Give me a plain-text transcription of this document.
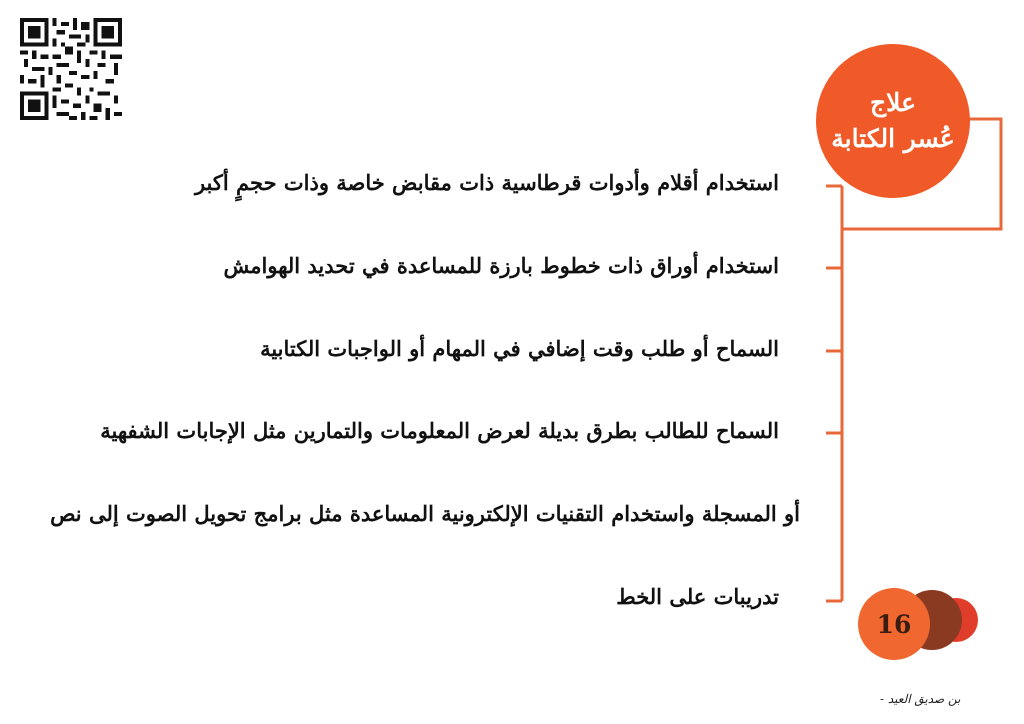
علاج
عُسر الكتابة
استخدام أقلام وأدوات قرطاسية ذات مقابض خاصة وذات حجمٍ أكبر
استخدام أوراق ذات خطوط بارزة للمساعدة في تحديد الهوامش
السماح أو طلب وقت إضافي في المهام أو الواجبات الكتابية
السماح للطالب بطرق بديلة لعرض المعلومات والتمارين مثل الإجابات الشفهية
أو المسجلة واستخدام التقنيات الإلكترونية المساعدة مثل برامج تحويل الصوت إلى نص
تدريبات على الخط
16
بن صديق العيد -
